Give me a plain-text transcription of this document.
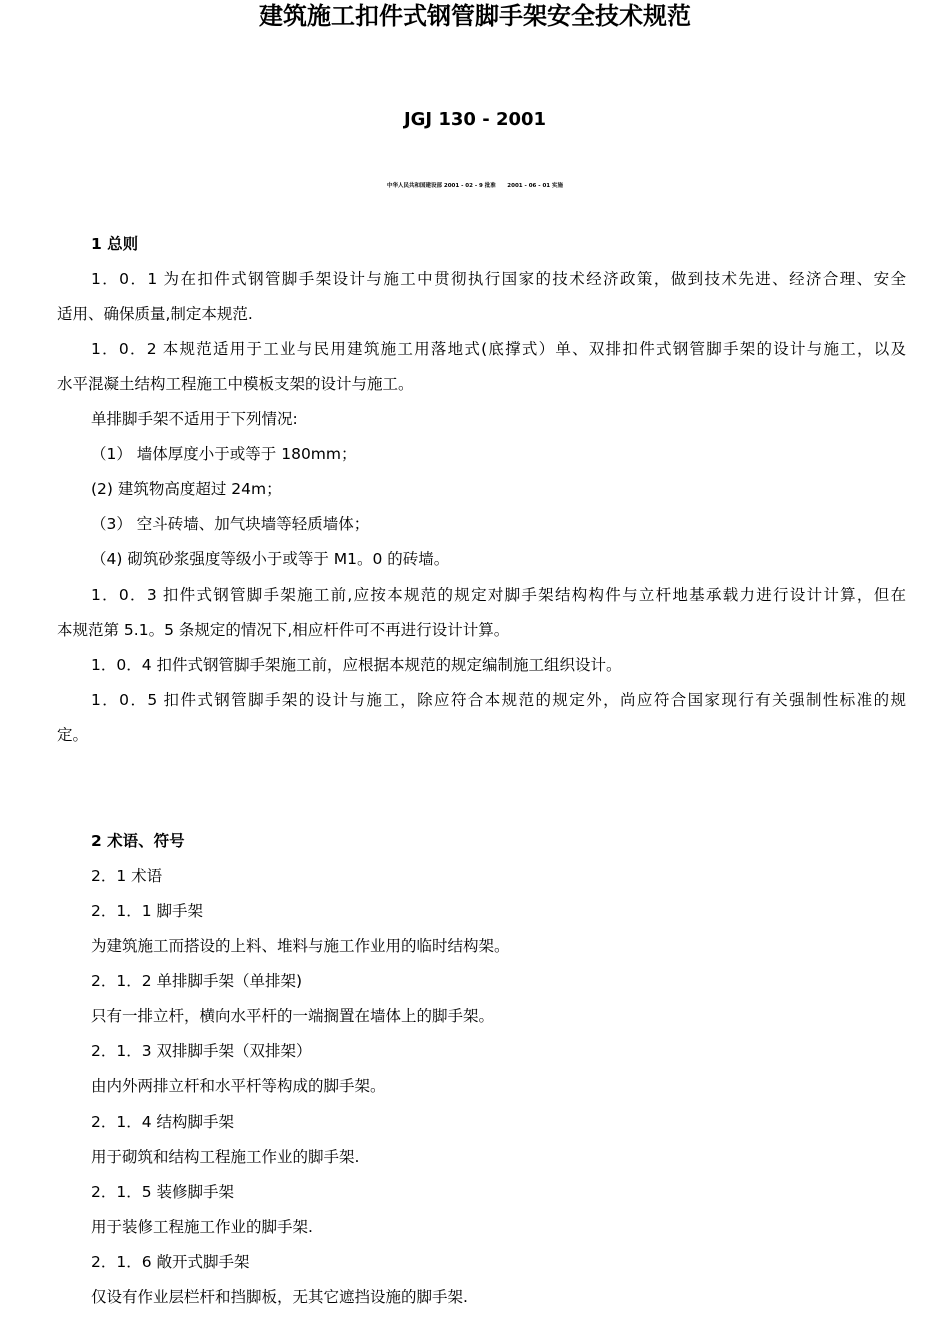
建筑施工扣件式钢管脚手架安全技术规范
JGJ 130 - 2001
中华人民共和国建设部 2001 - 02 - 9 批准      2001 - 06 - 01 实施
1 总则
1．0．1 为在扣件式钢管脚手架设计与施工中贯彻执行国家的技术经济政策，做到技术先进、经济合理、安全
适用、确保质量,制定本规范.
1．0．2 本规范适用于工业与民用建筑施工用落地式(底撑式）单、双排扣件式钢管脚手架的设计与施工，以及
水平混凝土结构工程施工中模板支架的设计与施工。
单排脚手架不适用于下列情况:
（1） 墙体厚度小于或等于 180mm；
(2) 建筑物高度超过 24m；
（3） 空斗砖墙、加气块墙等轻质墙体；
（4) 砌筑砂浆强度等级小于或等于 M1。0 的砖墙。
1．0．3 扣件式钢管脚手架施工前,应按本规范的规定对脚手架结构构件与立杆地基承载力进行设计计算，但在
本规范第 5.1。5 条规定的情况下,相应杆件可不再进行设计计算。
1．0．4 扣件式钢管脚手架施工前，应根据本规范的规定编制施工组织设计。
1．0．5 扣件式钢管脚手架的设计与施工，除应符合本规范的规定外，尚应符合国家现行有关强制性标准的规
定。
2 术语、符号
2．1 术语
2．1．1 脚手架
为建筑施工而搭设的上料、堆料与施工作业用的临时结构架。
2．1．2 单排脚手架（单排架)
只有一排立杆，横向水平杆的一端搁置在墙体上的脚手架。
2．1．3 双排脚手架（双排架）
由内外两排立杆和水平杆等构成的脚手架。
2．1．4 结构脚手架
用于砌筑和结构工程施工作业的脚手架.
2．1．5 装修脚手架
用于装修工程施工作业的脚手架.
2．1．6 敞开式脚手架
仅设有作业层栏杆和挡脚板，无其它遮挡设施的脚手架.
